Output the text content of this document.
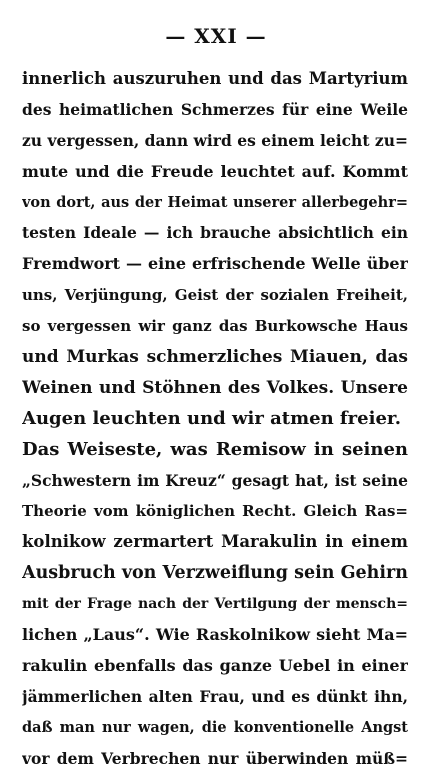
— XXI —
innerlich auszuruhen und das Martyrium
des heimatlichen Schmerzes für eine Weile
zu vergessen, dann wird es einem leicht zu=
mute und die Freude leuchtet auf. Kommt
von dort, aus der Heimat unserer allerbegehr=
testen Ideale — ich brauche absichtlich ein
Fremdwort — eine erfrischende Welle über
uns, Verjüngung, Geist der sozialen Freiheit,
so vergessen wir ganz das Burkowsche Haus
und Murkas schmerzliches Miauen, das
Weinen und Stöhnen des Volkes. Unsere
Augen leuchten und wir atmen freier.
Das Weiseste, was Remisow in seinen
„Schwestern im Kreuz“ gesagt hat, ist seine
Theorie vom königlichen Recht. Gleich Ras=
kolnikow zermartert Marakulin in einem
Ausbruch von Verzweiflung sein Gehirn
mit der Frage nach der Vertilgung der mensch=
lichen „Laus“. Wie Raskolnikow sieht Ma=
rakulin ebenfalls das ganze Uebel in einer
jämmerlichen alten Frau, und es dünkt ihn,
daß man nur wagen, die konventionelle Angst
vor dem Verbrechen nur überwinden müß=
